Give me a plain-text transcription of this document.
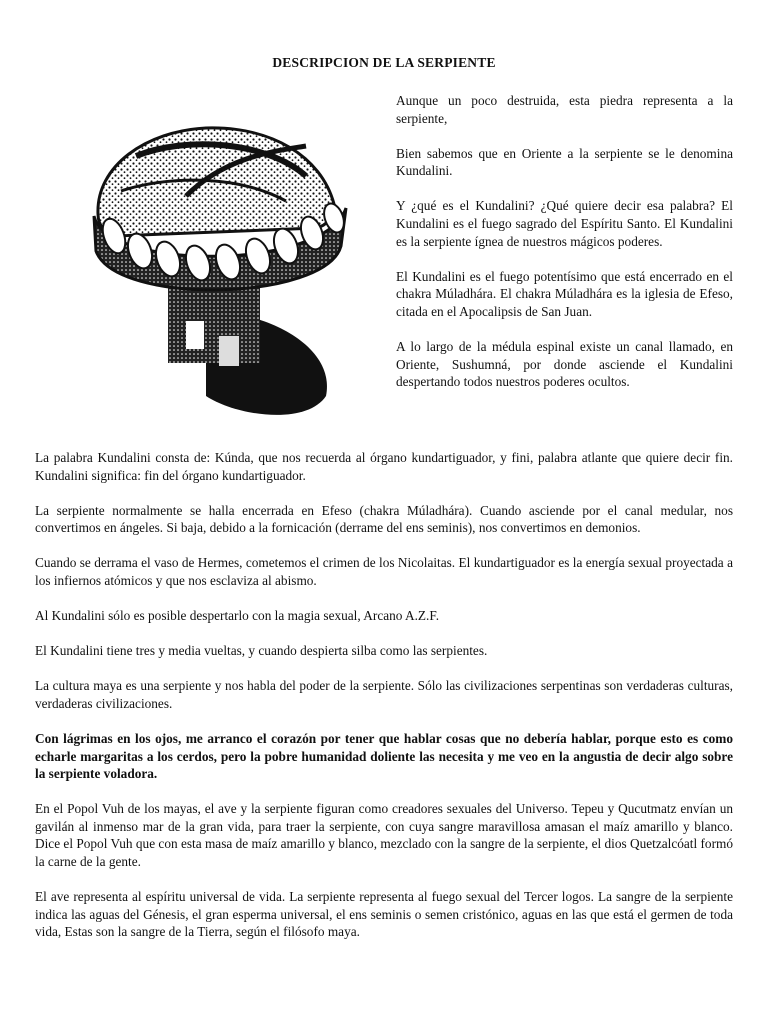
DESCRIPCION DE LA SERPIENTE

Aunque un poco destruida, esta piedra representa a la serpiente,

Bien sabemos que en Oriente a la serpiente se le denomina Kundalini.

Y ¿qué es el Kundalini? ¿Qué quiere decir esa palabra? El Kundalini es el fuego sagrado del Espíritu Santo. El Kundalini es la serpiente ígnea de nuestros mágicos poderes.

El Kundalini es el fuego potentísimo que está encerrado en el chakra Múladhára. El chakra Múladhára es la iglesia de Efeso, citada en el Apocalipsis de San Juan.

A lo largo de la médula espinal existe un canal llamado, en Oriente, Sushumná, por donde asciende el Kundalini despertando todos nuestros poderes ocultos.

La palabra Kundalini consta de: Kúnda, que nos recuerda al órgano kundartiguador, y fini, palabra atlante que quiere decir fin. Kundalini significa: fin del órgano kundartiguador.

La serpiente normalmente se halla encerrada en Efeso (chakra Múladhára). Cuando asciende por el canal medular, nos convertimos en ángeles. Si baja, debido a la fornicación (derrame del ens seminis), nos convertimos en demonios.

Cuando se derrama el vaso de Hermes, cometemos el crimen de los Nicolaitas. El kundartiguador es la energía sexual proyectada a los infiernos atómicos y que nos esclaviza al abismo.

Al Kundalini sólo es posible despertarlo con la magia sexual, Arcano A.Z.F.

El Kundalini tiene tres y media vueltas, y cuando despierta silba como las serpientes.

La cultura maya es una serpiente y nos habla del poder de la serpiente. Sólo las civilizaciones serpentinas son verdaderas culturas, verdaderas civilizaciones.

Con lágrimas en los ojos, me arranco el corazón por tener que hablar cosas que no debería hablar, porque esto es como echarle margaritas a los cerdos, pero la pobre humanidad doliente las necesita y me veo en la angustia de decir algo sobre la serpiente voladora.

En el Popol Vuh de los mayas, el ave y la serpiente figuran como creadores sexuales del Universo. Tepeu y Qucutmatz envían un gavilán al inmenso mar de la gran vida, para traer la serpiente, con cuya sangre maravillosa amasan el maíz amarillo y blanco. Dice el Popol Vuh que con esta masa de maíz amarillo y blanco, mezclado con la sangre de la serpiente, el dios Quetzalcóatl formó la carne de la gente.

El ave representa al espíritu universal de vida. La serpiente representa al fuego sexual del Tercer logos. La sangre de la serpiente indica las aguas del Génesis, el gran esperma universal, el ens seminis o semen cristónico, aguas en las que está el germen de toda vida, Estas son la sangre de la Tierra, según el filósofo maya.
